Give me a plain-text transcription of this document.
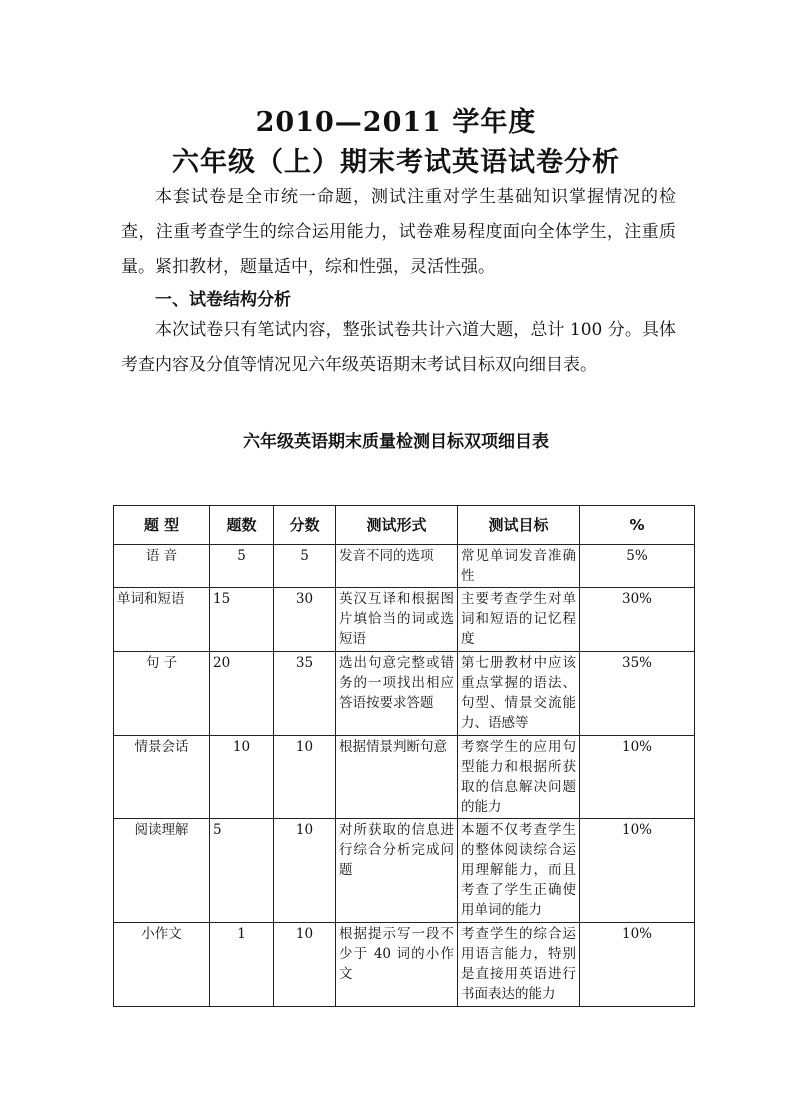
2010—2011 学年度
六年级（上）期末考试英语试卷分析
本套试卷是全市统一命题，测试注重对学生基础知识掌握情况的检查，注重考查学生的综合运用能力，试卷难易程度面向全体学生，注重质量。紧扣教材，题量适中，综和性强，灵活性强。
一、试卷结构分析
本次试卷只有笔试内容，整张试卷共计六道大题，总计 100 分。具体考查内容及分值等情况见六年级英语期末考试目标双向细目表。
六年级英语期末质量检测目标双项细目表
题 型	题数	分数	测试形式	测试目标	%
语 音	5	5	发音不同的选项	常见单词发音准确性	5%
单词和短语	15	30	英汉互译和根据图片填恰当的词或选短语	主要考查学生对单词和短语的记忆程度	30%
句 子	20	35	选出句意完整或错务的一项找出相应答语按要求答题	第七册教材中应该重点掌握的语法、句型、情景交流能力、语感等	35%
情景会话	10	10	根据情景判断句意	考察学生的应用句型能力和根据所获取的信息解决问题的能力	10%
阅读理解	5	10	对所获取的信息进行综合分析完成问题	本题不仅考查学生的整体阅读综合运用理解能力，而且考查了学生正确使用单词的能力	10%
小作文	1	10	根据提示写一段不少于 40 词的小作文	考查学生的综合运用语言能力，特别是直接用英语进行书面表达的能力	10%
